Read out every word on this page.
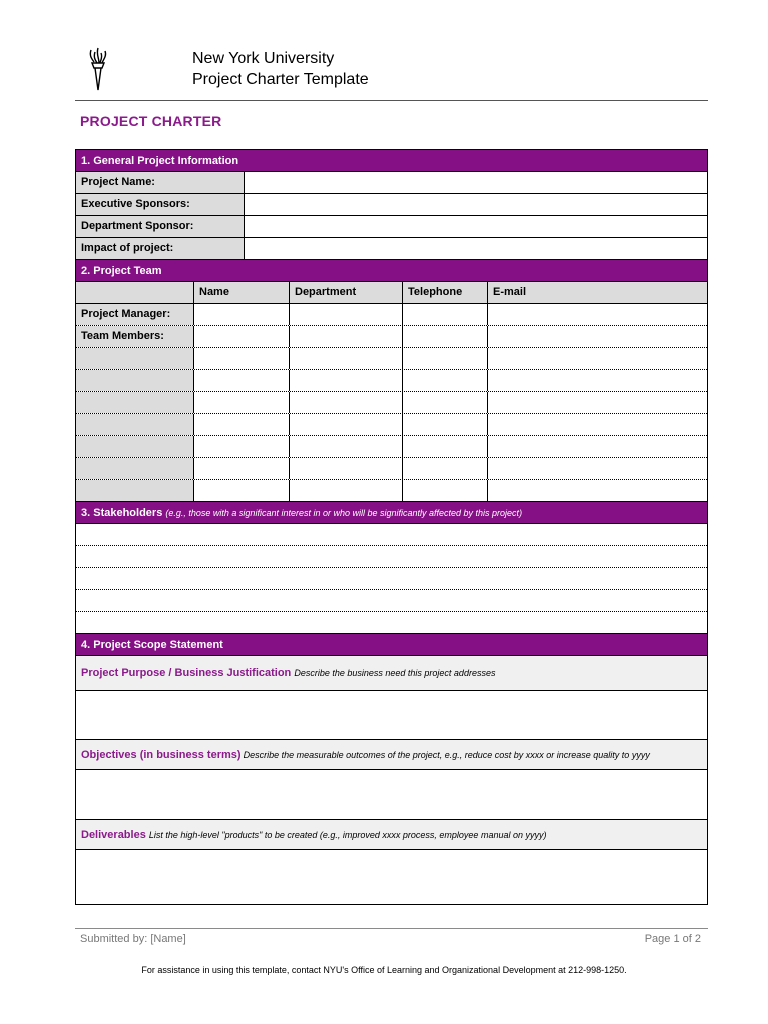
New York University
Project Charter Template
PROJECT CHARTER
1. General Project Information
Project Name:
Executive Sponsors:
Department Sponsor:
Impact of project:
2. Project Team
Name	Department	Telephone	E-mail
Project Manager:
Team Members:
3. Stakeholders (e.g., those with a significant interest in or who will be significantly affected by this project)
4. Project Scope Statement
Project Purpose / Business Justification Describe the business need this project addresses
Objectives (in business terms) Describe the measurable outcomes of the project, e.g., reduce cost by xxxx or increase quality to yyyy
Deliverables List the high-level "products" to be created (e.g., improved xxxx process, employee manual on yyyy)
Submitted by: [Name]	Page 1 of 2
For assistance in using this template, contact NYU's Office of Learning and Organizational Development at 212-998-1250.
